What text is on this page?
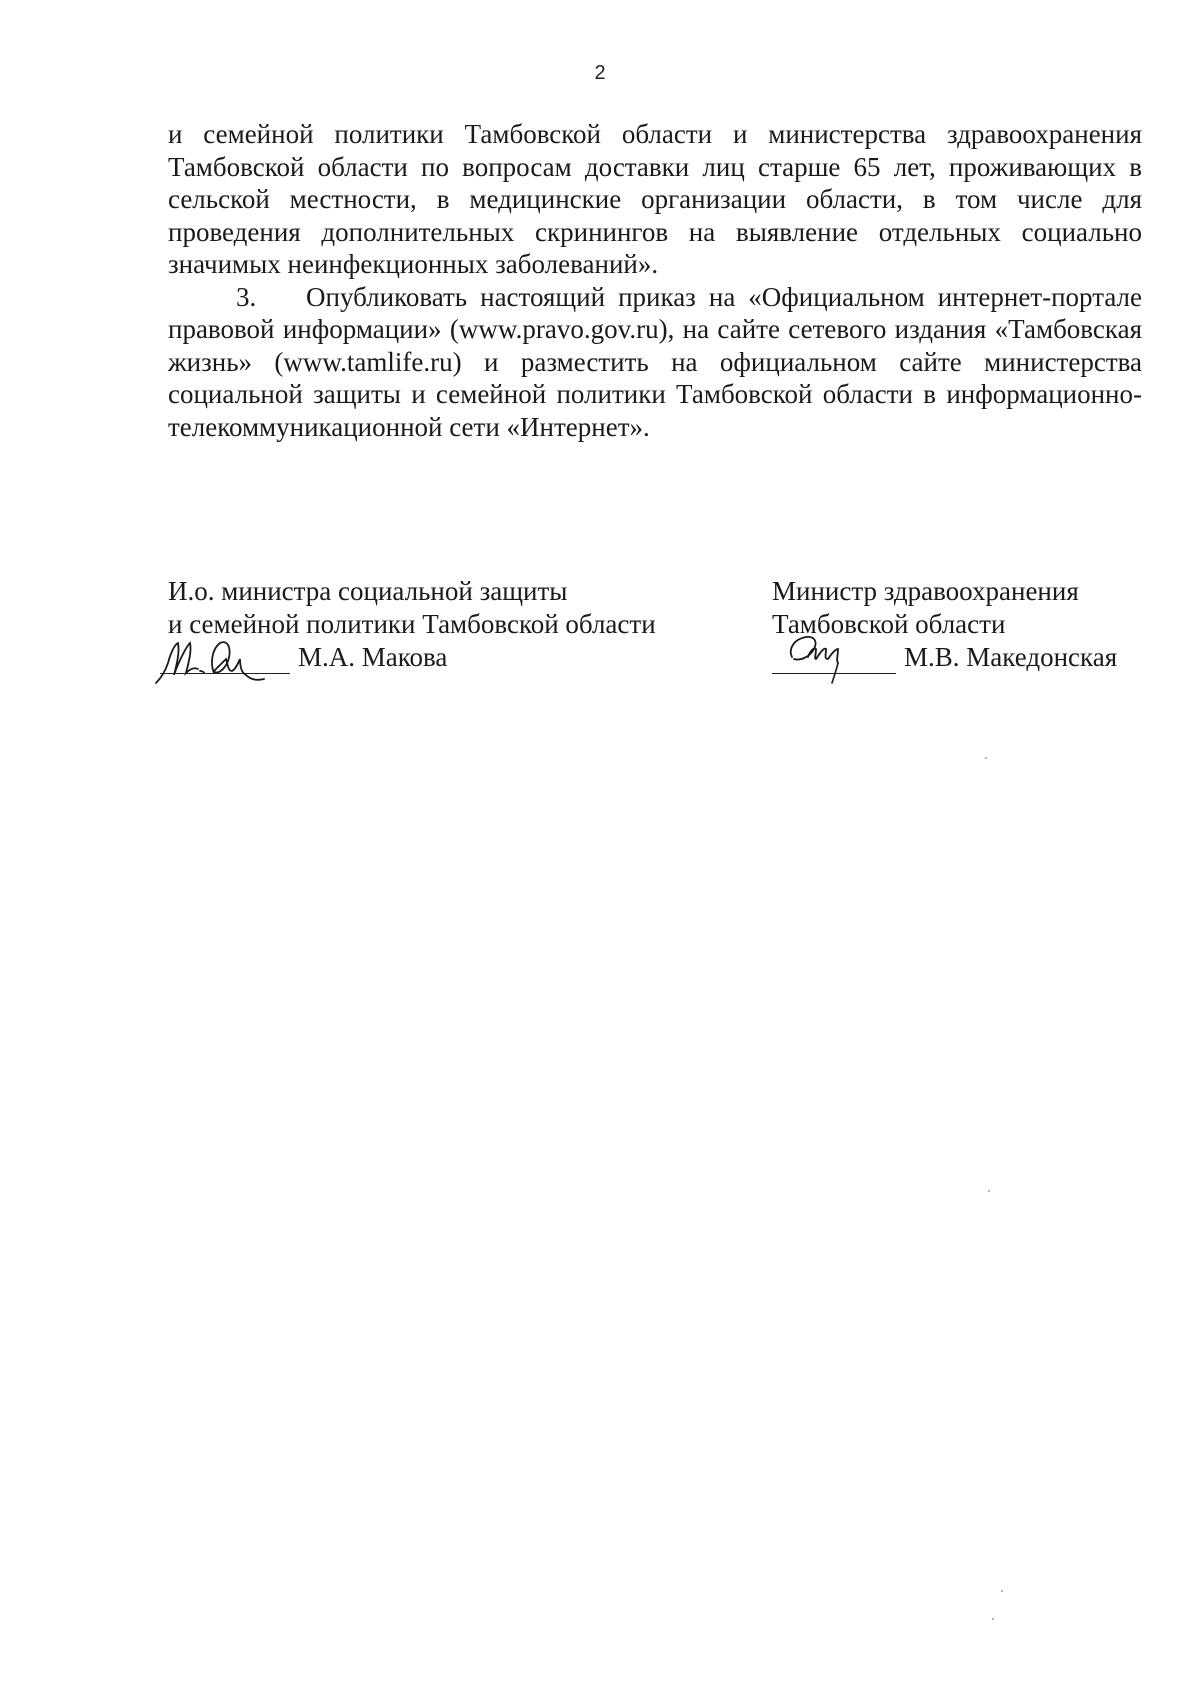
2

и семейной политики Тамбовской области и министерства здравоохранения Тамбовской области по вопросам доставки лиц старше 65 лет, проживающих в сельской местности, в медицинские организации области, в том числе для проведения дополнительных скринингов на выявление отдельных социально значимых неинфекционных заболеваний».

3. Опубликовать настоящий приказ на «Официальном интернет-портале правовой информации» (www.pravo.gov.ru), на сайте сетевого издания «Тамбовская жизнь» (www.tamlife.ru) и разместить на официальном сайте министерства социальной защиты и семейной политики Тамбовской области в информационно-телекоммуникационной сети «Интернет».

И.о. министра социальной защиты
и семейной политики Тамбовской области
М.А. Макова
Министр здравоохранения
Тамбовской области
М.В. Македонская
